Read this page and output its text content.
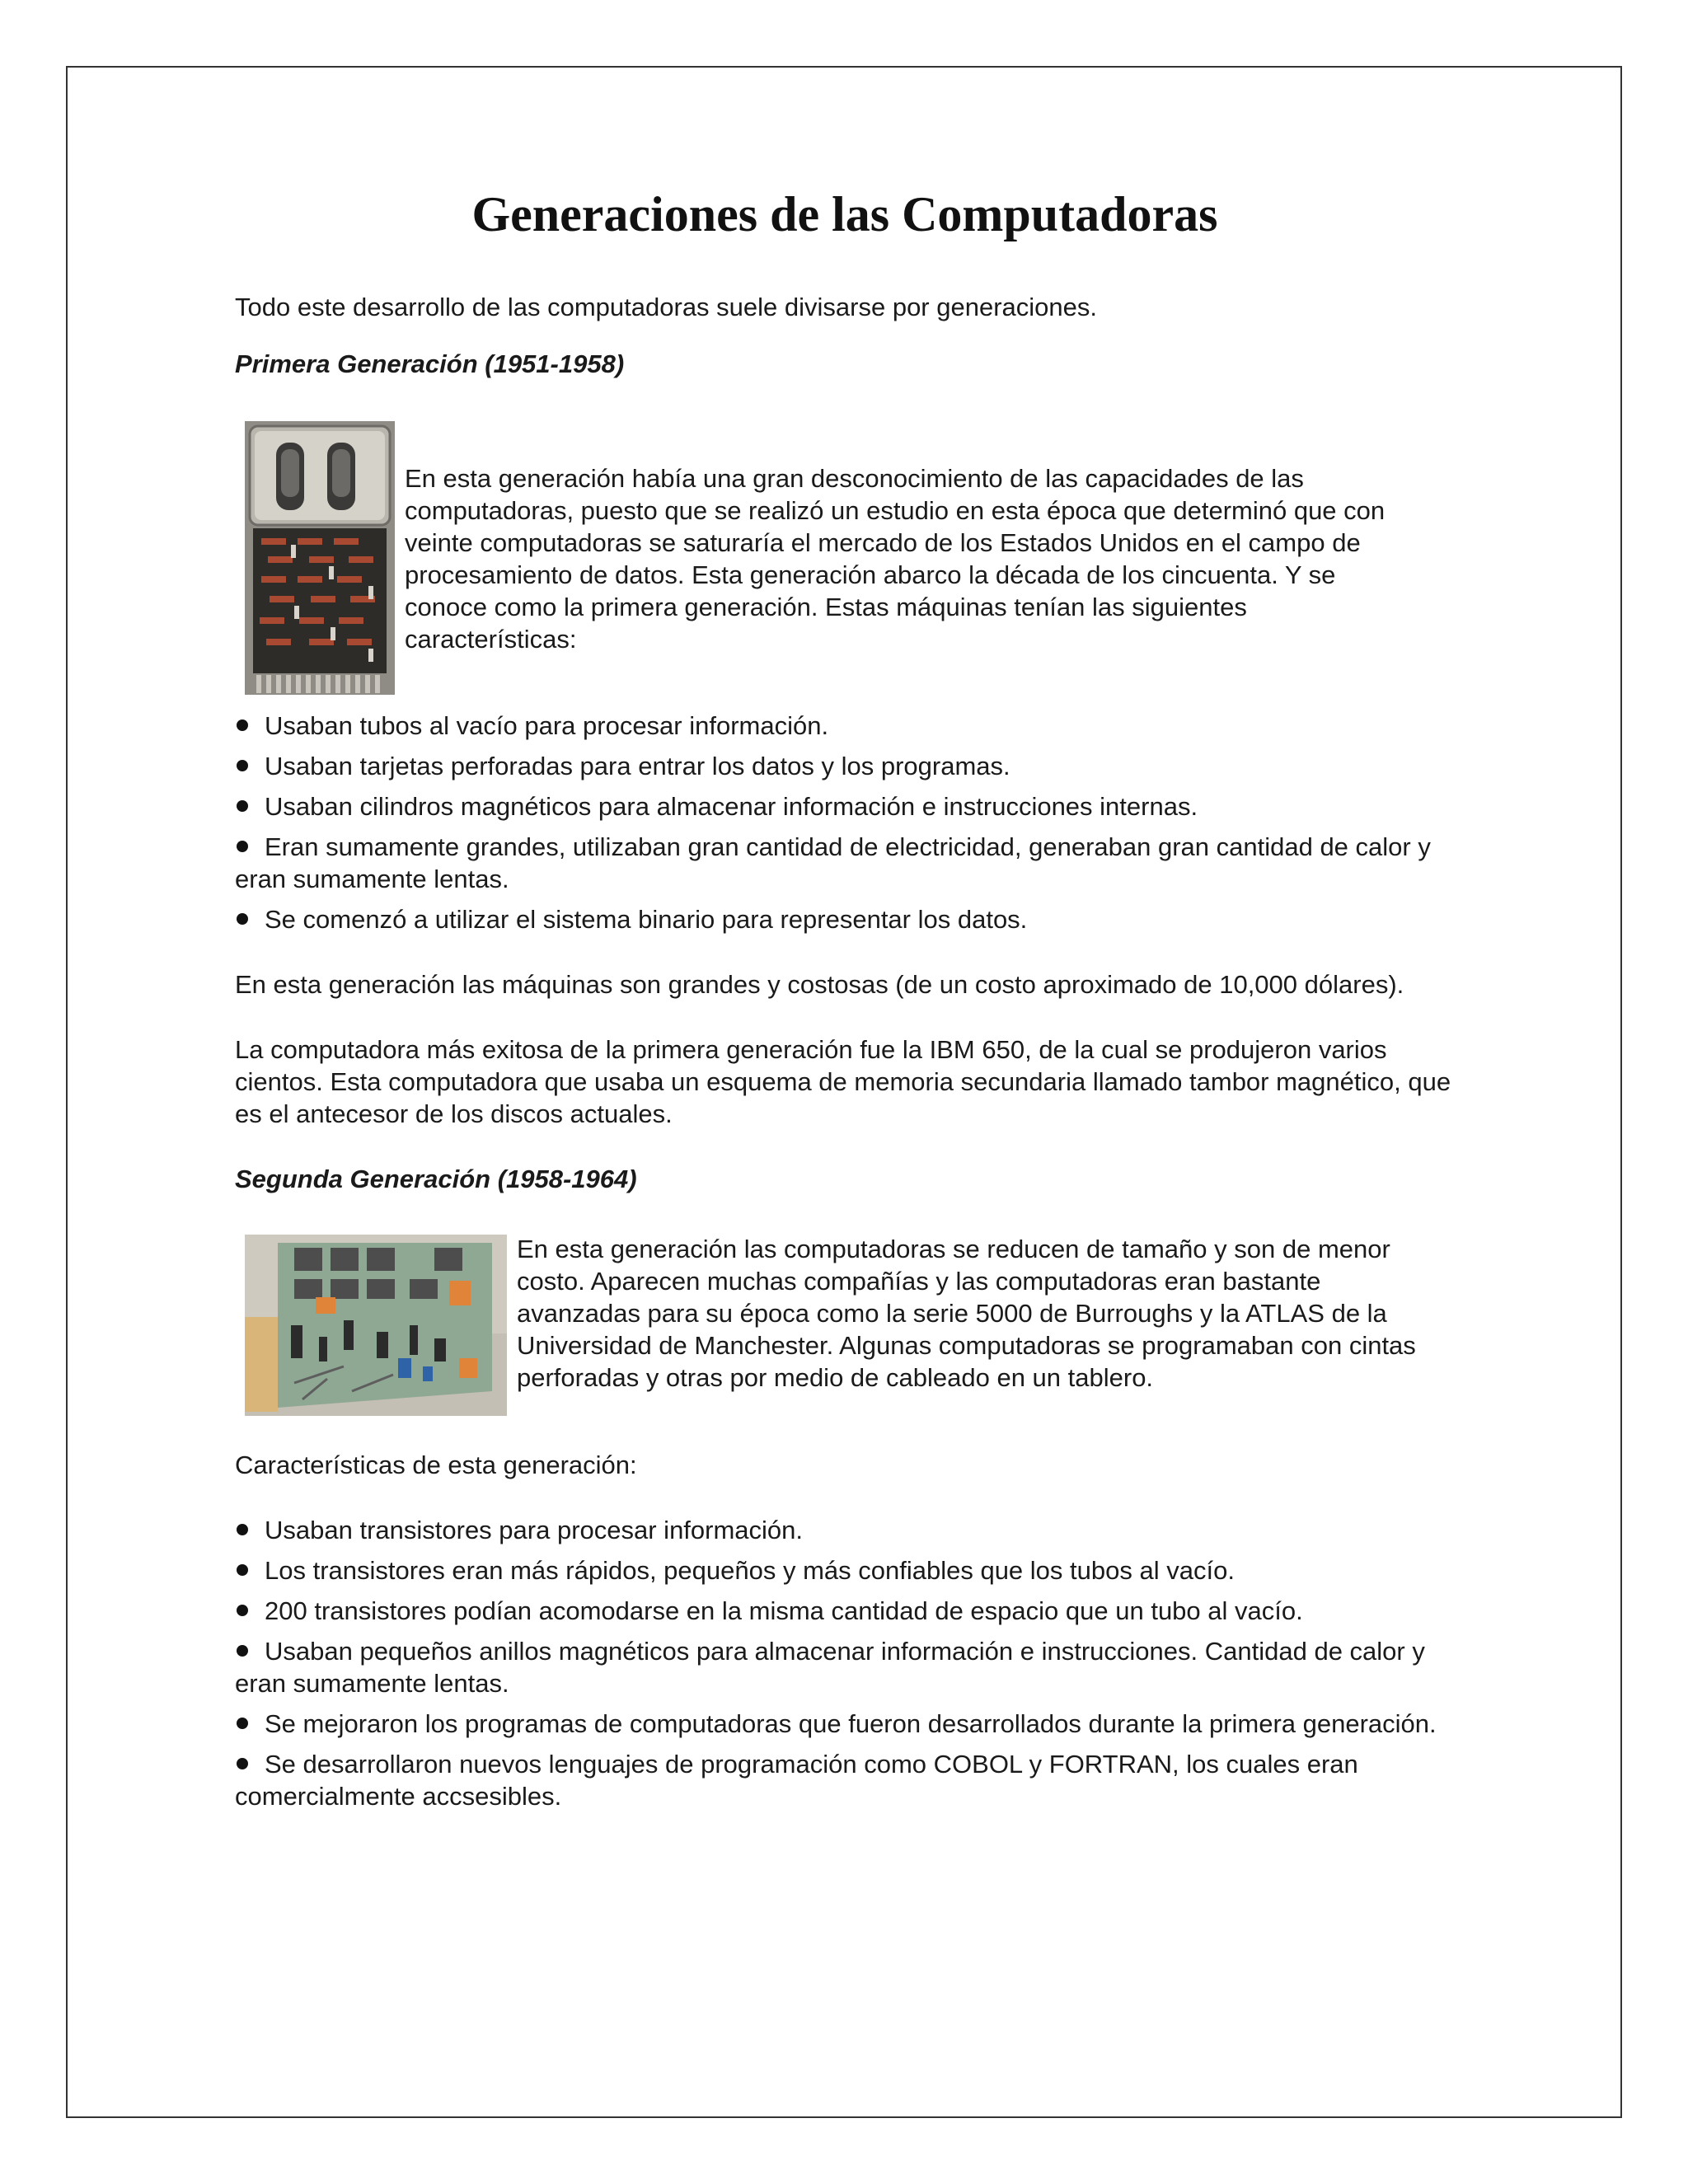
Generaciones de las Computadoras

Todo este desarrollo de las computadoras suele divisarse por generaciones.

Primera Generación (1951-1958)

En esta generación había una gran desconocimiento de las capacidades de las computadoras, puesto que se realizó un estudio en esta época que determinó que con veinte computadoras se saturaría el mercado de los Estados Unidos en el campo de procesamiento de datos. Esta generación abarco la década de los cincuenta. Y se conoce como la primera generación. Estas máquinas tenían las siguientes características:

Usaban tubos al vacío para procesar información.
Usaban tarjetas perforadas para entrar los datos y los programas.
Usaban cilindros magnéticos para almacenar información e instrucciones internas.
Eran sumamente grandes, utilizaban gran cantidad de electricidad, generaban gran cantidad de calor y eran sumamente lentas.
Se comenzó a utilizar el sistema binario para representar los datos.

En esta generación las máquinas son grandes y costosas (de un costo aproximado de 10,000 dólares).

La computadora más exitosa de la primera generación fue la IBM 650, de la cual se produjeron varios cientos. Esta computadora que usaba un esquema de memoria secundaria llamado tambor magnético, que es el antecesor de los discos actuales.

Segunda Generación (1958-1964)

En esta generación las computadoras se reducen de tamaño y son de menor costo. Aparecen muchas compañías y las computadoras eran bastante avanzadas para su época como la serie 5000 de Burroughs y la ATLAS de la Universidad de Manchester. Algunas computadoras se programaban con cintas perforadas y otras por medio de cableado en un tablero.

Características de esta generación:

Usaban transistores para procesar información.
Los transistores eran más rápidos, pequeños y más confiables que los tubos al vacío.
200 transistores podían acomodarse en la misma cantidad de espacio que un tubo al vacío.
Usaban pequeños anillos magnéticos para almacenar información e instrucciones. Cantidad de calor y eran sumamente lentas.
Se mejoraron los programas de computadoras que fueron desarrollados durante la primera generación.
Se desarrollaron nuevos lenguajes de programación como COBOL y FORTRAN, los cuales eran comercialmente accsesibles.
